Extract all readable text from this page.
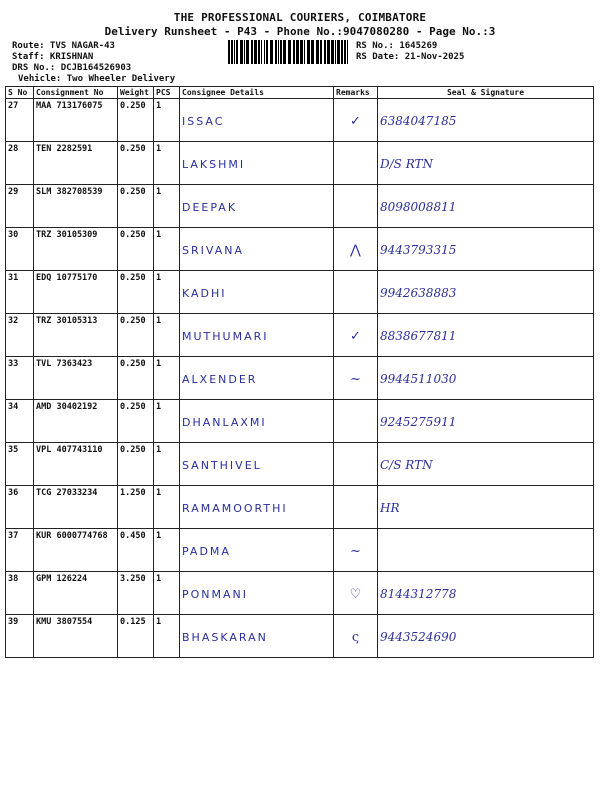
THE PROFESSIONAL COURIERS, COIMBATORE
Delivery Runsheet - P43 - Phone No.:9047080280 - Page No.:3
Route: TVS NAGAR-43
Staff: KRISHNAN
DRS No.: DCJB164526903
Vehicle: Two Wheeler Delivery
RS No.: 1645269
RS Date: 21-Nov-2025
S No	Consignment No	Weight	PCS	Consignee Details	Remarks	Seal & Signature
27	MAA 713176075	0.250	1	ISSAC	✓	6384047185
28	TEN 2282591	0.250	1	LAKSHMI		D/S RTN
29	SLM 382708539	0.250	1	DEEPAK		8098008811
30	TRZ 30105309	0.250	1	SRIVANA	⋀	9443793315
31	EDQ 10775170	0.250	1	KADHI		9942638883
32	TRZ 30105313	0.250	1	MUTHUMARI	✓	8838677811
33	TVL 7363423	0.250	1	ALXENDER	~	9944511030
34	AMD 30402192	0.250	1	DHANLAXMI		9245275911
35	VPL 407743110	0.250	1	SANTHIVEL		C/S RTN
36	TCG 27033234	1.250	1	RAMAMOORTHI		HR
37	KUR 6000774768	0.450	1	PADMA	~	
38	GPM 126224	3.250	1	PONMANI	♡	8144312778
39	KMU 3807554	0.125	1	BHASKARAN	ς	9443524690
